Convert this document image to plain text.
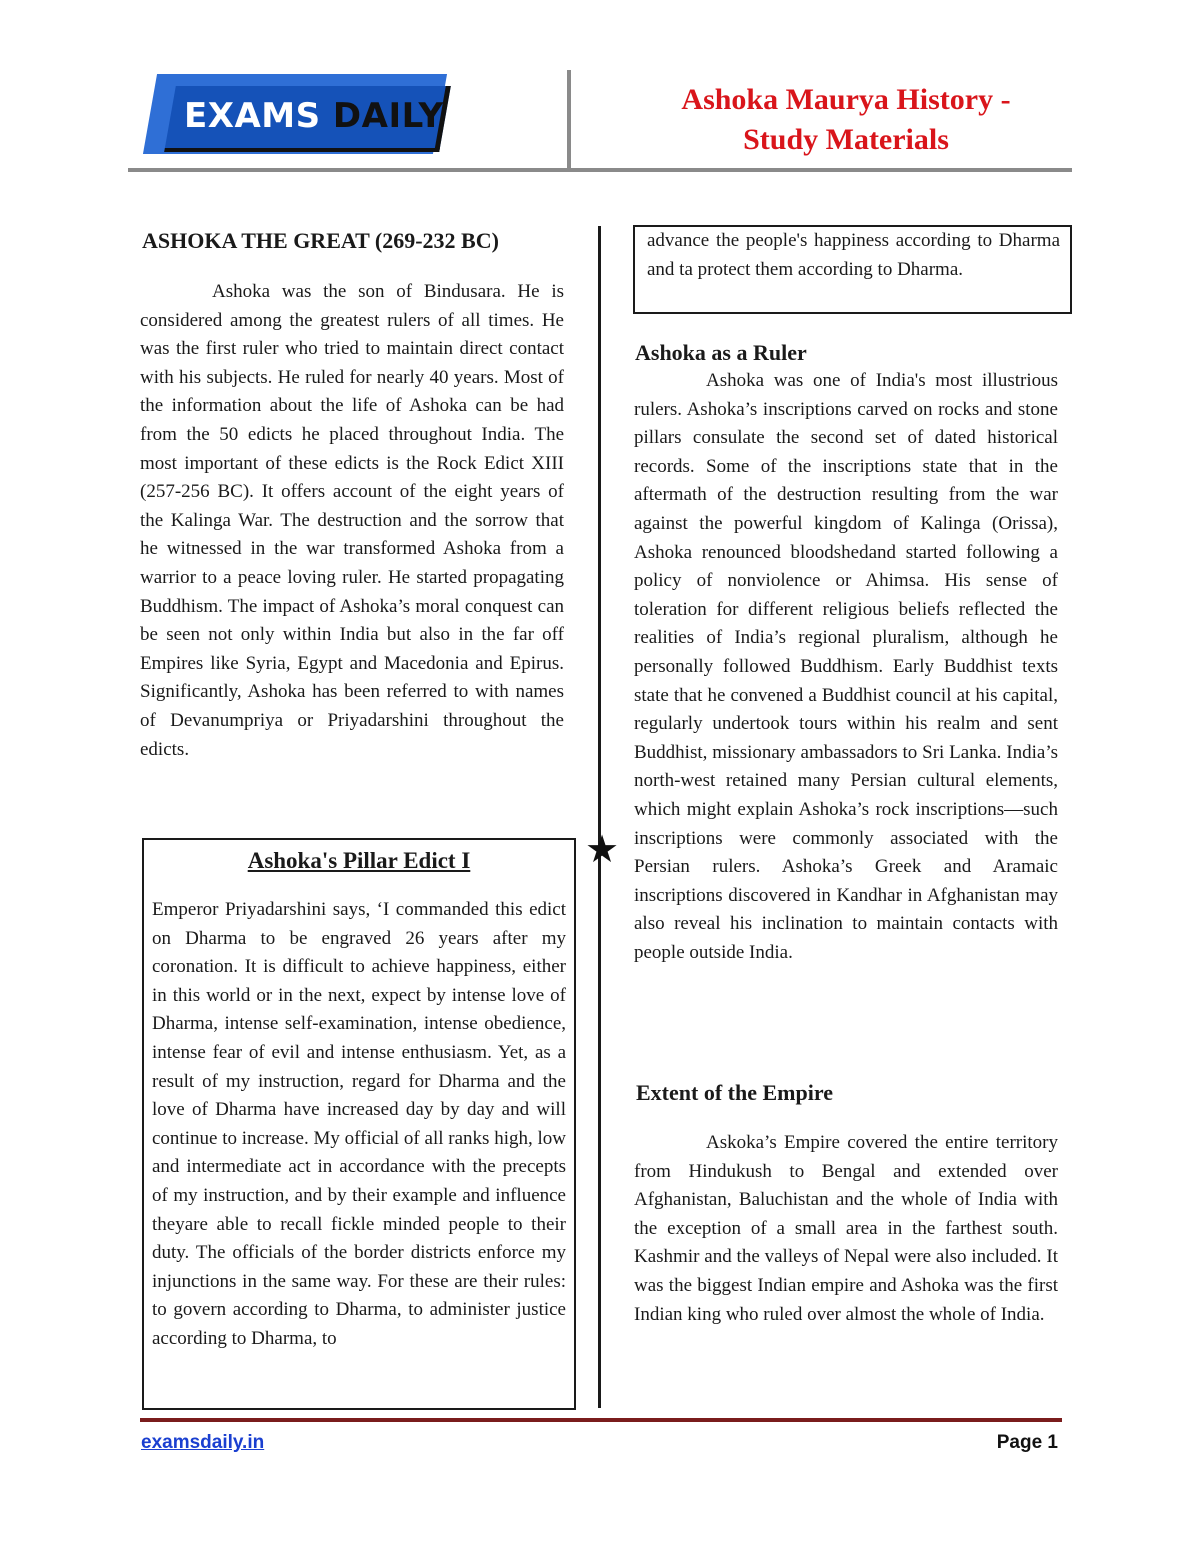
EXAMS DAILY	Ashoka Maurya History -
Study Materials
★
ASHOKA THE GREAT (269-232 BC)
Ashoka was the son of Bindusara. He is considered among the greatest rulers of all times. He was the first ruler who tried to maintain direct contact with his subjects. He ruled for nearly 40 years. Most of the information about the life of Ashoka can be had from the 50 edicts he placed throughout India. The most important of these edicts is the Rock Edict XIII (257-256 BC). It offers account of the eight years of the Kalinga War. The destruction and the sorrow that he witnessed in the war transformed Ashoka from a warrior to a peace loving ruler. He started propagating Buddhism. The impact of Ashoka’s moral conquest can be seen not only within India but also in the far off Empires like Syria, Egypt and Macedonia and Epirus. Significantly, Ashoka has been referred to with names of Devanumpriya or Priyadarshini throughout the edicts.
Ashoka's Pillar Edict I
Emperor Priyadarshini says, ‘I commanded this edict on Dharma to be engraved 26 years after my coronation. It is difficult to achieve happiness, either in this world or in the next, expect by intense love of Dharma, intense self-examination, intense obedience, intense fear of evil and intense enthusiasm. Yet, as a result of my instruction, regard for Dharma and the love of Dharma have increased day by day and will continue to increase. My official of all ranks high, low and intermediate act in accordance with the precepts of my instruction, and by their example and influence theyare able to recall fickle minded people to their duty. The officials of the border districts enforce my injunctions in the same way. For these are their rules: to govern according to Dharma, to administer justice according to Dharma, to
advance the people's happiness according to Dharma and ta protect them according to Dharma.
Ashoka as a Ruler
Ashoka was one of India's most illustrious rulers. Ashoka’s inscriptions carved on rocks and stone pillars consulate the second set of dated historical records. Some of the inscriptions state that in the aftermath of the destruction resulting from the war against the powerful kingdom of Kalinga (Orissa), Ashoka renounced bloodshedand started following a policy of nonviolence or Ahimsa. His sense of toleration for different religious beliefs reflected the realities of India’s regional pluralism, although he personally followed Buddhism. Early Buddhist texts state that he convened a Buddhist council at his capital, regularly undertook tours within his realm and sent Buddhist, missionary ambassadors to Sri Lanka. India’s north-west retained many Persian cultural elements, which might explain Ashoka’s rock inscriptions—such inscriptions were commonly associated with the Persian rulers. Ashoka’s Greek and Aramaic inscriptions discovered in Kandhar in Afghanistan may also reveal his inclination to maintain contacts with people outside India.
Extent of the Empire
Askoka’s Empire covered the entire territory from Hindukush to Bengal and extended over Afghanistan, Baluchistan and the whole of India with the exception of a small area in the farthest south. Kashmir and the valleys of Nepal were also included. It was the biggest Indian empire and Ashoka was the first Indian king who ruled over almost the whole of India.
examsdaily.in	Page 1
